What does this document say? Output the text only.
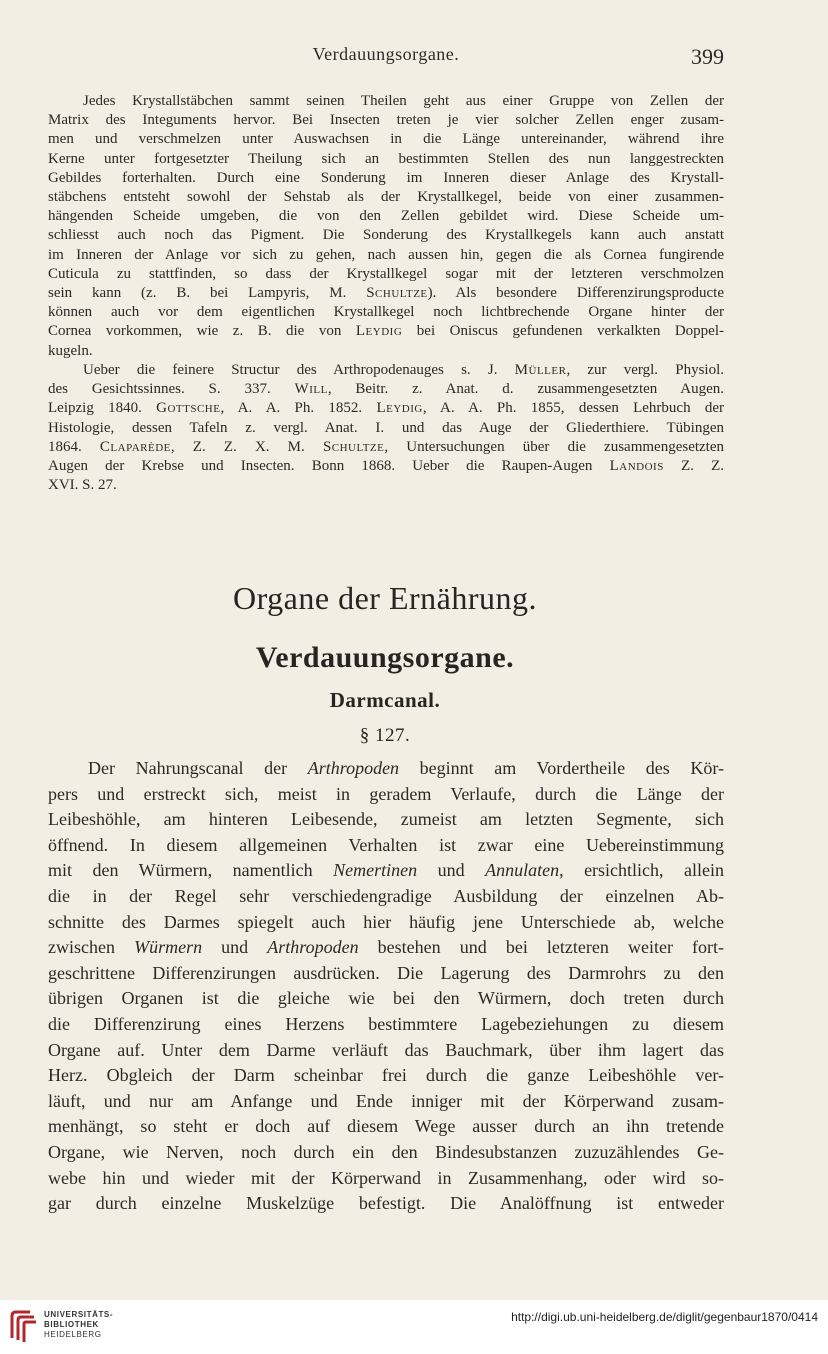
Verdauungsorgane.	399
Jedes Krystallstäbchen sammt seinen Theilen geht aus einer Gruppe von Zellen der
Matrix des Integuments hervor. Bei Insecten treten je vier solcher Zellen enger zusam-
men und verschmelzen unter Auswachsen in die Länge untereinander, während ihre
Kerne unter fortgesetzter Theilung sich an bestimmten Stellen des nun langgestreckten
Gebildes forterhalten. Durch eine Sonderung im Inneren dieser Anlage des Krystall-
stäbchens entsteht sowohl der Sehstab als der Krystallkegel, beide von einer zusammen-
hängenden Scheide umgeben, die von den Zellen gebildet wird. Diese Scheide um-
schliesst auch noch das Pigment. Die Sonderung des Krystallkegels kann auch anstatt
im Inneren der Anlage vor sich zu gehen, nach aussen hin, gegen die als Cornea fungirende
Cuticula zu stattfinden, so dass der Krystallkegel sogar mit der letzteren verschmolzen
sein kann (z. B. bei Lampyris, M. Schultze). Als besondere Differenzirungsproducte
können auch vor dem eigentlichen Krystallkegel noch lichtbrechende Organe hinter der
Cornea vorkommen, wie z. B. die von Leydig bei Oniscus gefundenen verkalkten Doppel-
kugeln.
Ueber die feinere Structur des Arthropodenauges s. J. Müller, zur vergl. Physiol.
des Gesichtssinnes. S. 337. Will, Beitr. z. Anat. d. zusammengesetzten Augen.
Leipzig 1840. Gottsche, A. A. Ph. 1852. Leydig, A. A. Ph. 1855, dessen Lehrbuch der
Histologie, dessen Tafeln z. vergl. Anat. I. und das Auge der Gliederthiere. Tübingen
1864. Claparède, Z. Z. X. M. Schultze, Untersuchungen über die zusammengesetzten
Augen der Krebse und Insecten. Bonn 1868. Ueber die Raupen-Augen Landois Z. Z.
XVI. S. 27.
Organe der Ernährung.
Verdauungsorgane.
Darmcanal.
§ 127.
Der Nahrungscanal der Arthropoden beginnt am Vordertheile des Kör-
pers und erstreckt sich, meist in geradem Verlaufe, durch die Länge der
Leibeshöhle, am hinteren Leibesende, zumeist am letzten Segmente, sich
öffnend. In diesem allgemeinen Verhalten ist zwar eine Uebereinstimmung
mit den Würmern, namentlich Nemertinen und Annulaten, ersichtlich, allein
die in der Regel sehr verschiedengradige Ausbildung der einzelnen Ab-
schnitte des Darmes spiegelt auch hier häufig jene Unterschiede ab, welche
zwischen Würmern und Arthropoden bestehen und bei letzteren weiter fort-
geschrittene Differenzirungen ausdrücken. Die Lagerung des Darmrohrs zu den
übrigen Organen ist die gleiche wie bei den Würmern, doch treten durch
die Differenzirung eines Herzens bestimmtere Lagebeziehungen zu diesem
Organe auf. Unter dem Darme verläuft das Bauchmark, über ihm lagert das
Herz. Obgleich der Darm scheinbar frei durch die ganze Leibeshöhle ver-
läuft, und nur am Anfange und Ende inniger mit der Körperwand zusam-
menhängt, so steht er doch auf diesem Wege ausser durch an ihn tretende
Organe, wie Nerven, noch durch ein den Bindesubstanzen zuzuzählendes Ge-
webe hin und wieder mit der Körperwand in Zusammenhang, oder wird so-
gar durch einzelne Muskelzüge befestigt. Die Analöffnung ist entweder
UNIVERSITÄTS-
BIBLIOTHEK
HEIDELBERG
http://digi.ub.uni-heidelberg.de/diglit/gegenbaur1870/0414
